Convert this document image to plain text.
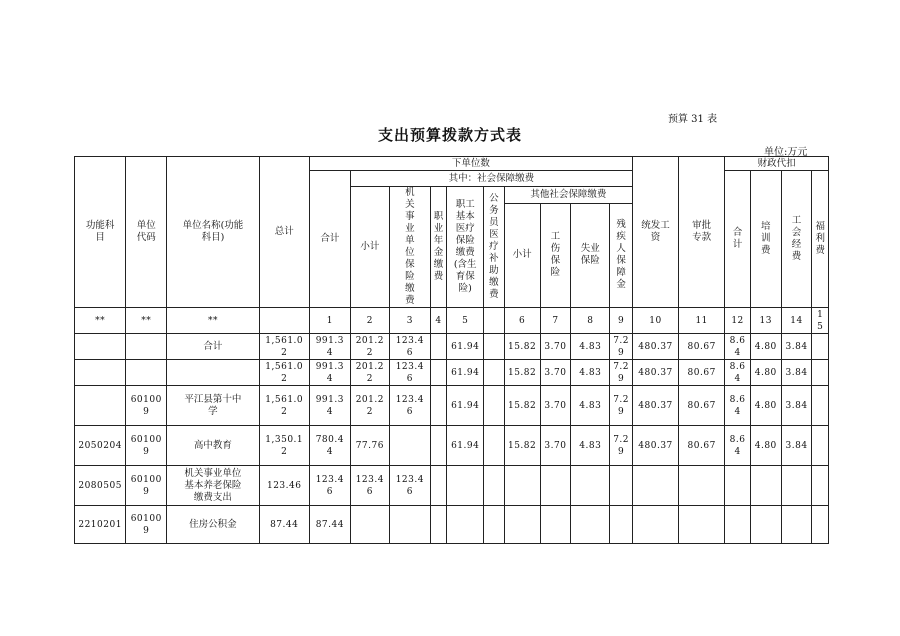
预算 31 表
支出预算拨款方式表
单位:万元
功能科目	单位代码	单位名称(功能科目)	总计	下单位数										统发工资	审批专款	财政代扣			
				合计	其中：社会保障缴费											合计	培训费	工会经费	福利费

					小计	机关事业单位保险缴费	职业年金缴费	职工基本医疗保险缴费(含生育保险)	公务员医疗补助缴费	其他社会保障缴费									
										小计	工伤保险	失业保险	残疾人保障金						

**	**	**		1	2	3	4	5		6	7	8	9	10	11	12	13	14	15

		合计	1,561.02	991.34	201.22	123.46		61.94		15.82	3.70	4.83	7.29	480.37	80.67	8.64	4.80	3.84	

			1,561.02	991.34	201.22	123.46		61.94		15.82	3.70	4.83	7.29	480.37	80.67	8.64	4.80	3.84	

	601009	平江县第十中学	1,561.02	991.34	201.22	123.46		61.94		15.82	3.70	4.83	7.29	480.37	80.67	8.64	4.80	3.84	

2050204	601009	高中教育	1,350.12	780.44	77.76			61.94		15.82	3.70	4.83	7.29	480.37	80.67	8.64	4.80	3.84	

2080505	601009	机关事业单位基本养老保险缴费支出	123.46	123.46	123.46	123.46													

2210201	601009	住房公积金	87.44	87.44															
